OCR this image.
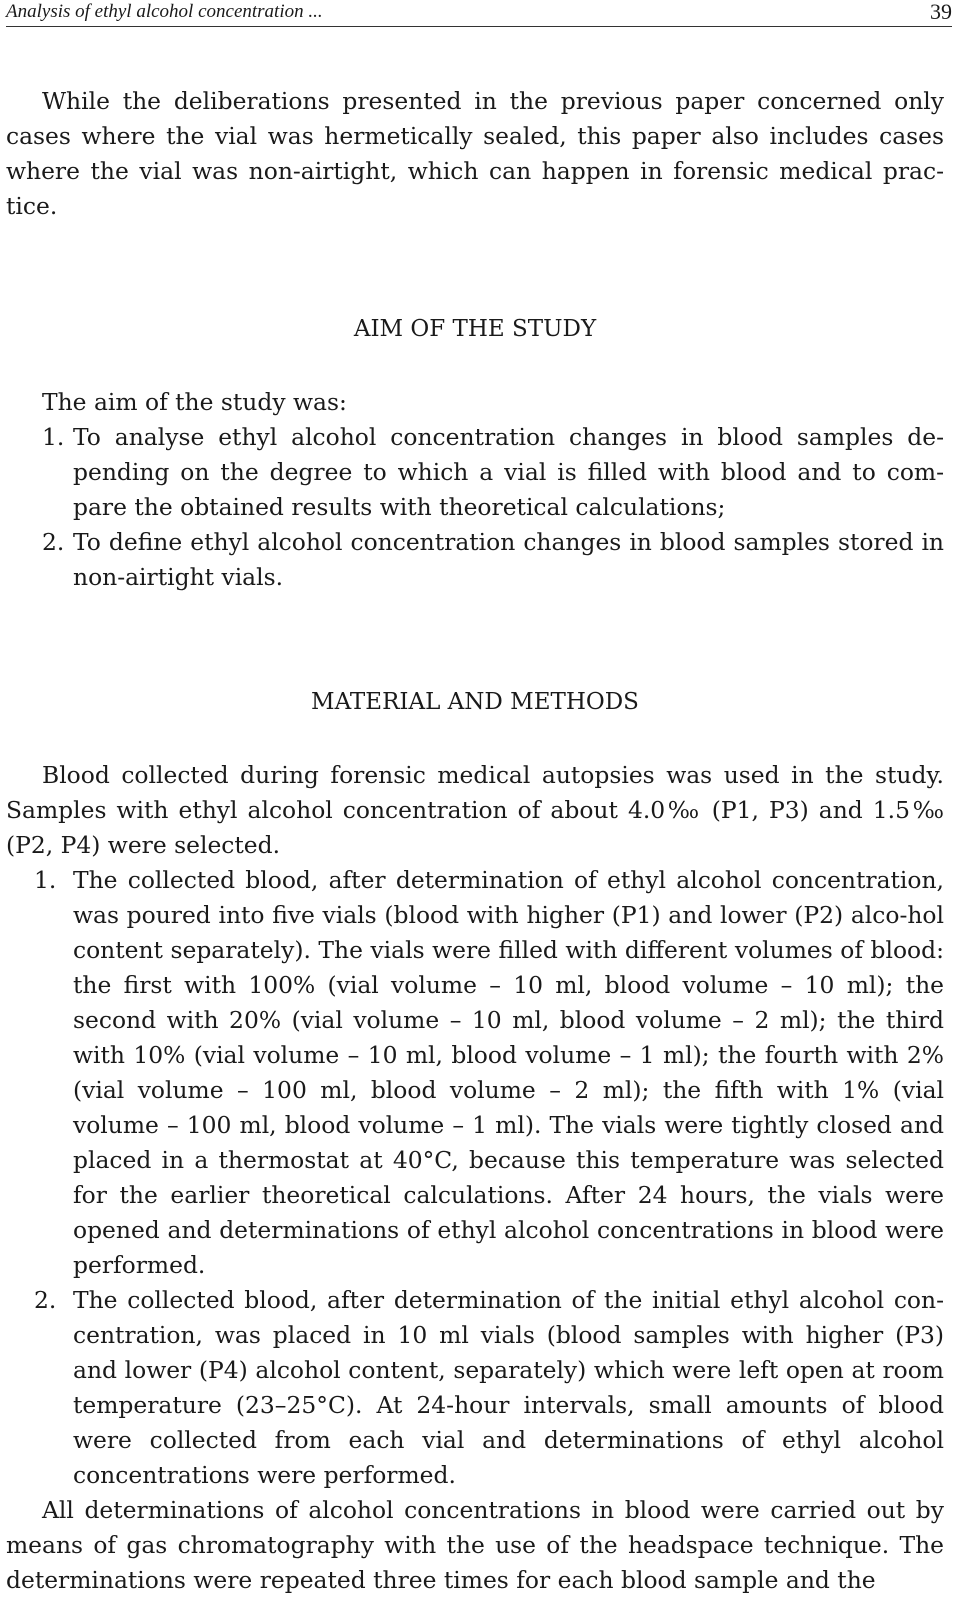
Analysis of ethyl alcohol concentration ...	39

While the deliberations presented in the previous paper concerned only cases where the vial was hermetically sealed, this paper also includes cases where the vial was non-airtight, which can happen in forensic medical prac-tice.

AIM OF THE STUDY

The aim of the study was:

1. To analyse ethyl alcohol concentration changes in blood samples de-pending on the degree to which a vial is filled with blood and to com-pare the obtained results with theoretical calculations;
2. To define ethyl alcohol concentration changes in blood samples stored in non-airtight vials.
MATERIAL AND METHODS

Blood collected during forensic medical autopsies was used in the study. Samples with ethyl alcohol concentration of about 4.0‰ (P1, P3) and 1.5‰ (P2, P4) were selected.

1. The collected blood, after determination of ethyl alcohol concentration, was poured into five vials (blood with higher (P1) and lower (P2) alco-hol content separately). The vials were filled with different volumes of blood: the first with 100% (vial volume – 10 ml, blood volume – 10 ml); the second with 20% (vial volume – 10 ml, blood volume – 2 ml); the third with 10% (vial volume – 10 ml, blood volume – 1 ml); the fourth with 2% (vial volume – 100 ml, blood volume – 2 ml); the fifth with 1% (vial volume – 100 ml, blood volume – 1 ml). The vials were tightly closed and placed in a thermostat at 40°C, because this temperature was selected for the earlier theoretical calculations. After 24 hours, the vials were opened and determinations of ethyl alcohol concentrations in blood were performed.
2. The collected blood, after determination of the initial ethyl alcohol con-centration, was placed in 10 ml vials (blood samples with higher (P3) and lower (P4) alcohol content, separately) which were left open at room temperature (23–25°C). At 24-hour intervals, small amounts of blood were collected from each vial and determinations of ethyl alcohol concentrations were performed.

All determinations of alcohol concentrations in blood were carried out by means of gas chromatography with the use of the headspace technique. The determinations were repeated three times for each blood sample and the
